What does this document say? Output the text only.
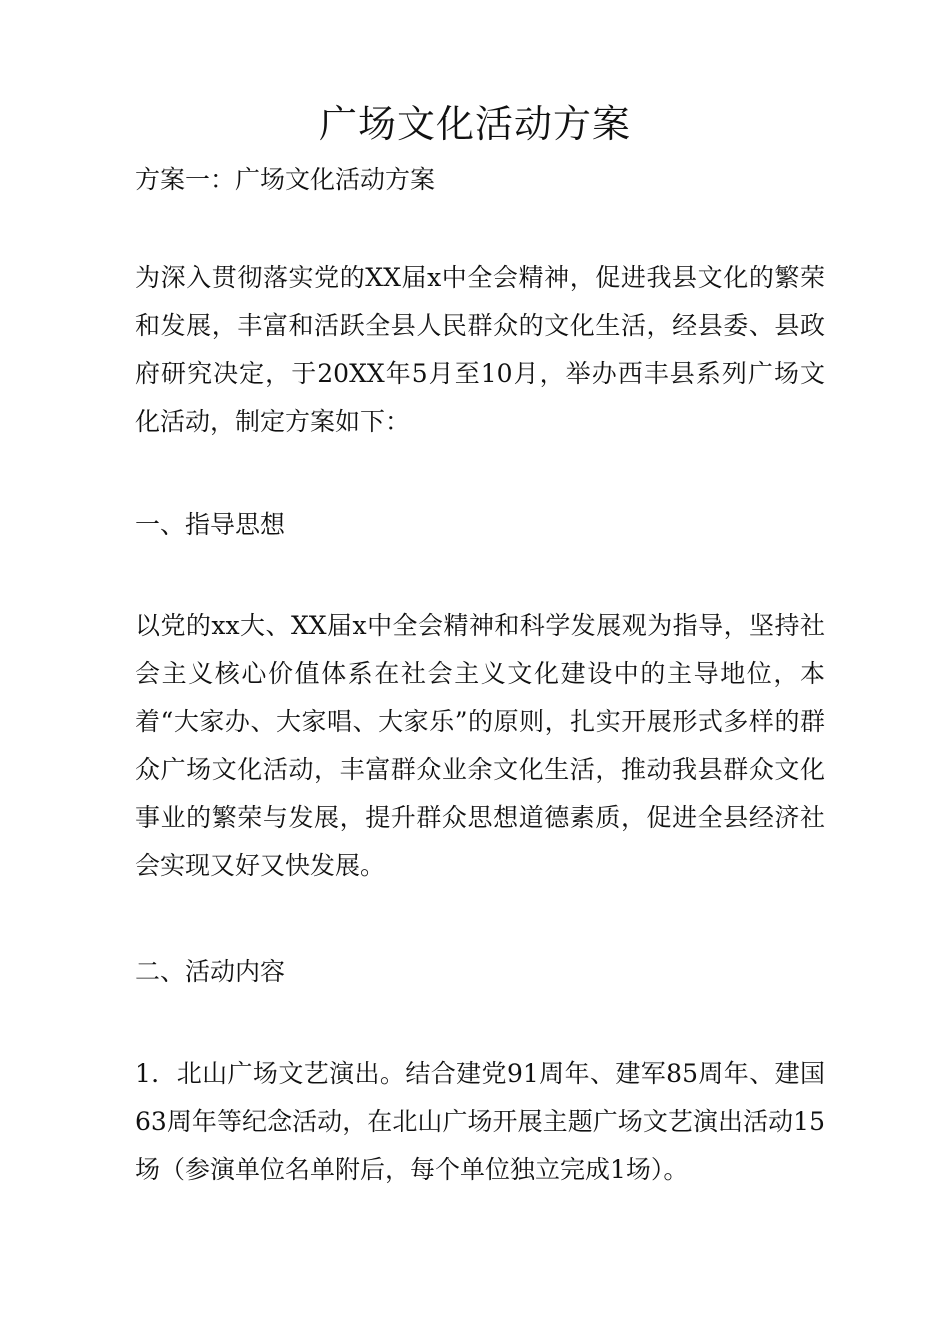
广场文化活动方案

方案一：广场文化活动方案

为深入贯彻落实党的XX届x中全会精神，促进我县文化的繁荣和发展，丰富和活跃全县人民群众的文化生活，经县委、县政府研究决定，于20XX年5月至10月，举办西丰县系列广场文化活动，制定方案如下：

一、指导思想

以党的xx大、XX届x中全会精神和科学发展观为指导，坚持社会主义核心价值体系在社会主义文化建设中的主导地位，本着“大家办、大家唱、大家乐”的原则，扎实开展形式多样的群众广场文化活动，丰富群众业余文化生活，推动我县群众文化事业的繁荣与发展，提升群众思想道德素质，促进全县经济社会实现又好又快发展。

二、活动内容

1．北山广场文艺演出。结合建党91周年、建军85周年、建国63周年等纪念活动，在北山广场开展主题广场文艺演出活动15场（参演单位名单附后，每个单位独立完成1场）。
